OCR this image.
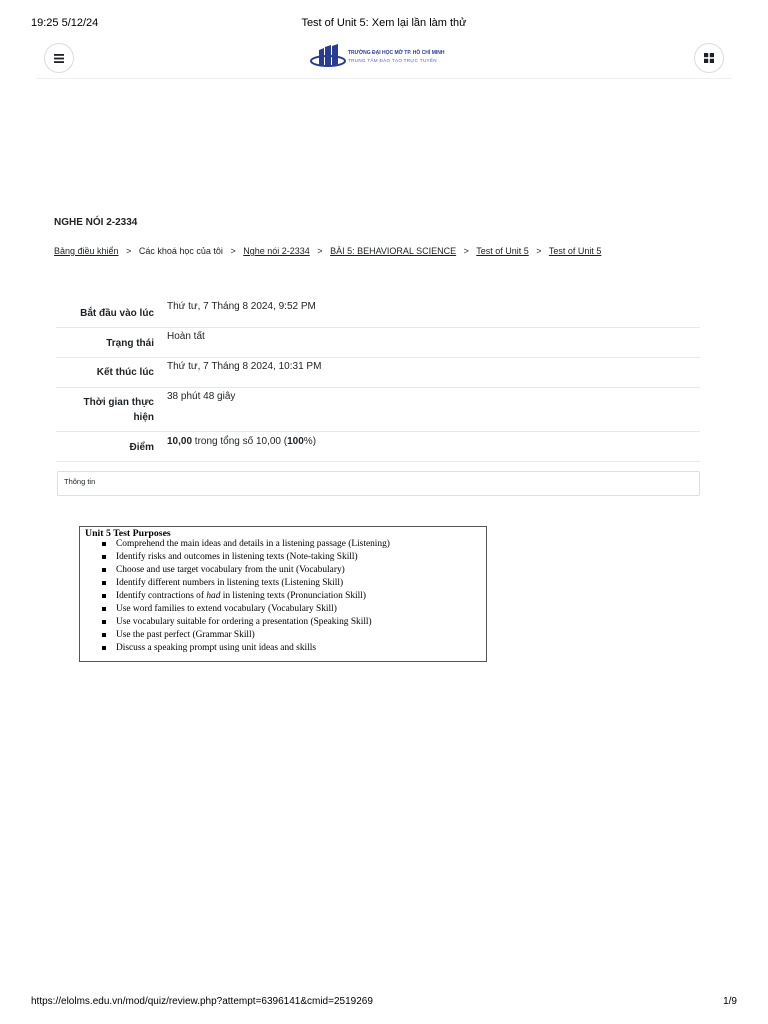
19:25 5/12/24	Test of Unit 5: Xem lại lần làm thử
TRƯỜNG ĐẠI HỌC MỞ TP. HỒ CHÍ MINH
TRUNG TÂM ĐÀO TẠO TRỰC TUYẾN
NGHE NÓI 2-2334
Bảng điều khiển > Các khoá học của tôi > Nghe nói 2-2334 > BÀI 5: BEHAVIORAL SCIENCE > Test of Unit 5 > Test of Unit 5
Bắt đầu vào lúc	Thứ tư, 7 Tháng 8 2024, 9:52 PM
Trạng thái	Hoàn tất
Kết thúc lúc	Thứ tư, 7 Tháng 8 2024, 10:31 PM
Thời gian thực
hiện	38 phút 48 giây
Điểm	10,00 trong tổng số 10,00 (100%)
Thông tin
Unit 5 Test Purposes
Comprehend the main ideas and details in a listening passage (Listening)
Identify risks and outcomes in listening texts (Note-taking Skill)
Choose and use target vocabulary from the unit (Vocabulary)
Identify different numbers in listening texts (Listening Skill)
Identify contractions of had in listening texts (Pronunciation Skill)
Use word families to extend vocabulary (Vocabulary Skill)
Use vocabulary suitable for ordering a presentation (Speaking Skill)
Use the past perfect (Grammar Skill)
Discuss a speaking prompt using unit ideas and skills
https://elolms.edu.vn/mod/quiz/review.php?attempt=6396141&cmid=2519269	1/9
